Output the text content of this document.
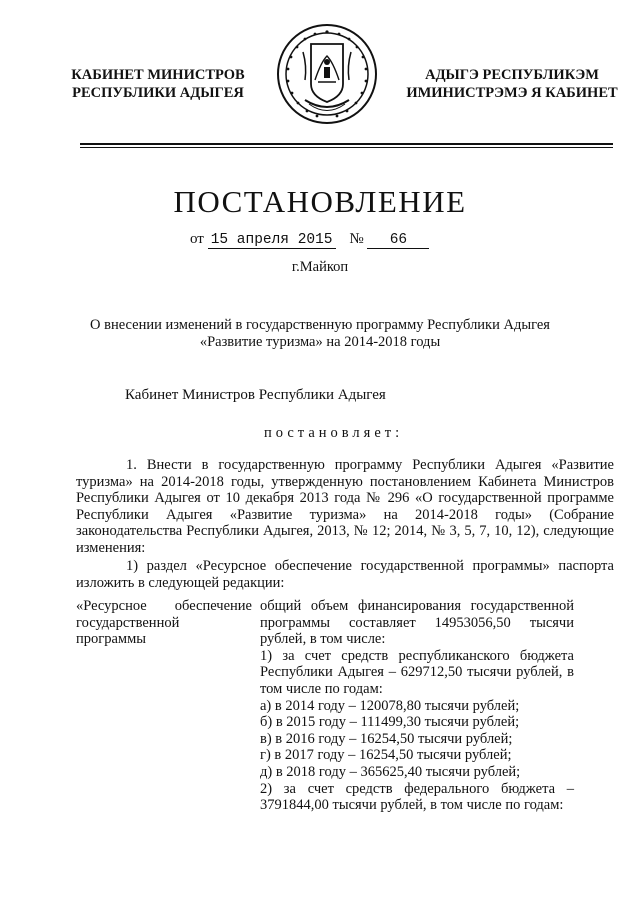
КАБИНЕТ МИНИСТРОВ
РЕСПУБЛИКИ АДЫГЕЯ
АДЫГЭ РЕСПУБЛИКЭМ
ИМИНИСТРЭМЭ Я КАБИНЕТ
ПОСТАНОВЛЕНИЕ
от 15 апреля 2015 № 66
г.Майкоп
О внесении изменений в государственную программу Республики Адыгея «Развитие туризма» на 2014-2018 годы
Кабинет Министров Республики Адыгея
постановляет:
1. Внести в государственную программу Республики Адыгея «Развитие туризма» на 2014-2018 годы, утвержденную постановлением Кабинета Министров Республики Адыгея от 10 декабря 2013 года № 296 «О государственной программе Республики Адыгея «Развитие туризма» на 2014-2018 годы» (Собрание законодательства Республики Адыгея, 2013, № 12; 2014, № 3, 5, 7, 10, 12), следующие изменения:
1) раздел «Ресурсное обеспечение государственной программы» паспорта изложить в следующей редакции:
«Ресурсное обеспечение государственной программы
общий объем финансирования государственной программы составляет 14953056,50 тысячи рублей, в том числе:
1) за счет средств республиканского бюджета Республики Адыгея – 629712,50 тысячи рублей, в том числе по годам:
а) в 2014 году – 120078,80 тысячи рублей;
б) в 2015 году – 111499,30 тысячи рублей;
в) в 2016 году – 16254,50 тысячи рублей;
г) в 2017 году – 16254,50 тысячи рублей;
д) в 2018 году – 365625,40 тысячи рублей;
2) за счет средств федерального бюджета – 3791844,00 тысячи рублей, в том числе по годам:
